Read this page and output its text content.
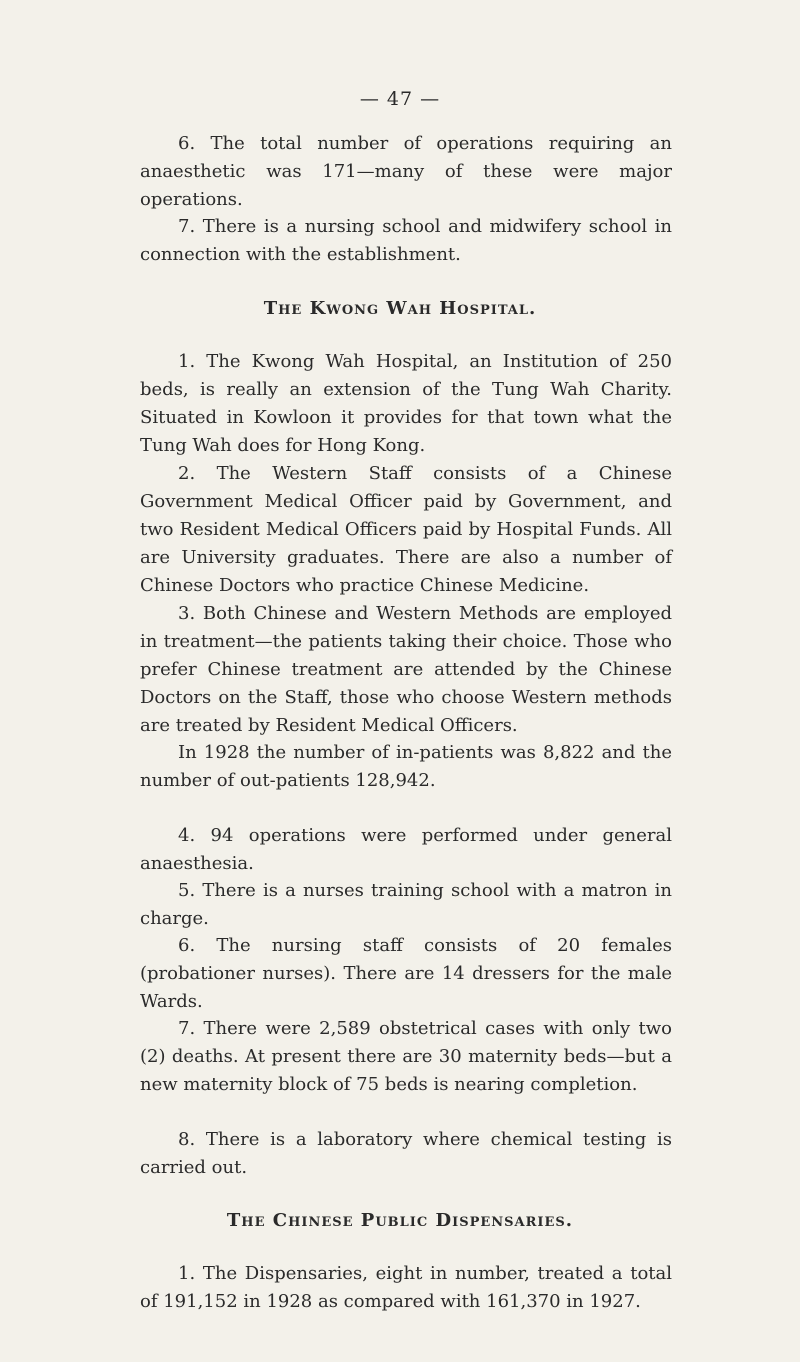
— 47 —

6. The total number of operations requiring an anaesthetic was 171—many of these were major operations.

7. There is a nursing school and midwifery school in connection with the establishment.

The Kwong Wah Hospital.

1. The Kwong Wah Hospital, an Institution of 250 beds, is really an extension of the Tung Wah Charity. Situated in Kowloon it provides for that town what the Tung Wah does for Hong Kong.

2. The Western Staff consists of a Chinese Government Medical Officer paid by Government, and two Resident Medical Officers paid by Hospital Funds. All are University graduates. There are also a number of Chinese Doctors who practice Chinese Medicine.

3. Both Chinese and Western Methods are employed in treatment—the patients taking their choice. Those who prefer Chinese treatment are attended by the Chinese Doctors on the Staff, those who choose Western methods are treated by Resident Medical Officers.

In 1928 the number of in-patients was 8,822 and the number of out-patients 128,942.

4. 94 operations were performed under general anaesthesia.

5. There is a nurses training school with a matron in charge.

6. The nursing staff consists of 20 females (probationer nurses). There are 14 dressers for the male Wards.

7. There were 2,589 obstetrical cases with only two (2) deaths. At present there are 30 maternity beds—but a new maternity block of 75 beds is nearing completion.

8. There is a laboratory where chemical testing is carried out.

The Chinese Public Dispensaries.

1. The Dispensaries, eight in number, treated a total of 191,152 in 1928 as compared with 161,370 in 1927.
